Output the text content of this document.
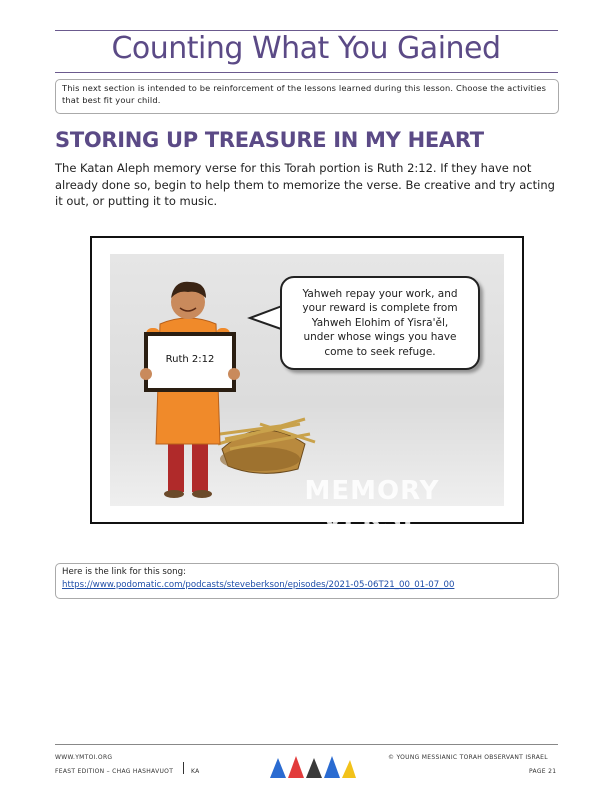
Counting What You Gained
This next section is intended to be reinforcement of the lessons learned during this lesson. Choose the activities that best fit your child.
STORING UP TREASURE IN MY HEART
The Katan Aleph memory verse for this Torah portion is Ruth 2:12. If they have not already done so, begin to help them to memorize the verse. Be creative and try acting it out, or putting it to music.
Ruth 2:12
Yahweh repay your work, and
your reward is complete from
Yahweh Elohim of Yisra'ěl,
under whose wings you have
come to seek refuge.
MEMORY VERSE
Here is the link for this song:
https://www.podomatic.com/podcasts/steveberkson/episodes/2021-05-06T21_00_01-07_00
WWW.YMTOI.ORG
FEAST EDITION – CHAG HASHAVUOT	KA
© YOUNG MESSIANIC TORAH OBSERVANT ISRAEL
PAGE 21
